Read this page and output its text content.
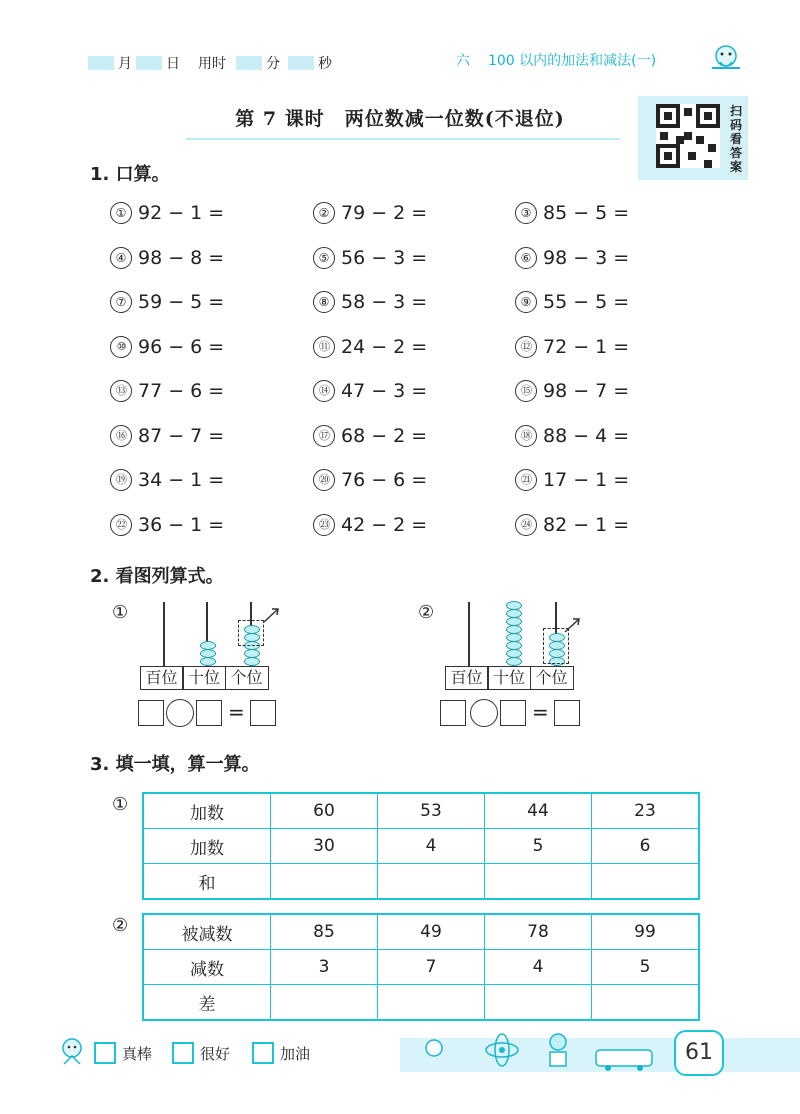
月 日 用时	分	秒	六 100 以内的加法和减法(一)
第 7 课时　两位数减一位数(不退位)	扫
码
看
答
案
1. 口算。
① 92 − 1 =	② 79 − 2 =	③ 85 − 5 =
④ 98 − 8 =	⑤ 56 − 3 =	⑥ 98 − 3 =
⑦ 59 − 5 =	⑧ 58 − 3 =	⑨ 55 − 5 =
⑩ 96 − 6 =	⑪ 24 − 2 =	⑫ 72 − 1 =
⑬ 77 − 6 =	⑭ 47 − 3 =	⑮ 98 − 7 =
⑯ 87 − 7 =	⑰ 68 − 2 =	⑱ 88 − 4 =
⑲ 34 − 1 =	⑳ 76 − 6 =	㉑ 17 − 1 =
㉒ 36 − 1 =	㉓ 42 − 2 =	㉔ 82 − 1 =
2. 看图列算式。
①
百位 十位 个位
=
②
百位 十位 个位
=
3. 填一填，算一算。
①	加数	60	53	44	23
加数	30	4	5	6
和				
②	被减数	85	49	78	99
减数	3	7	4	5
差				
真棒	很好	加油	61
